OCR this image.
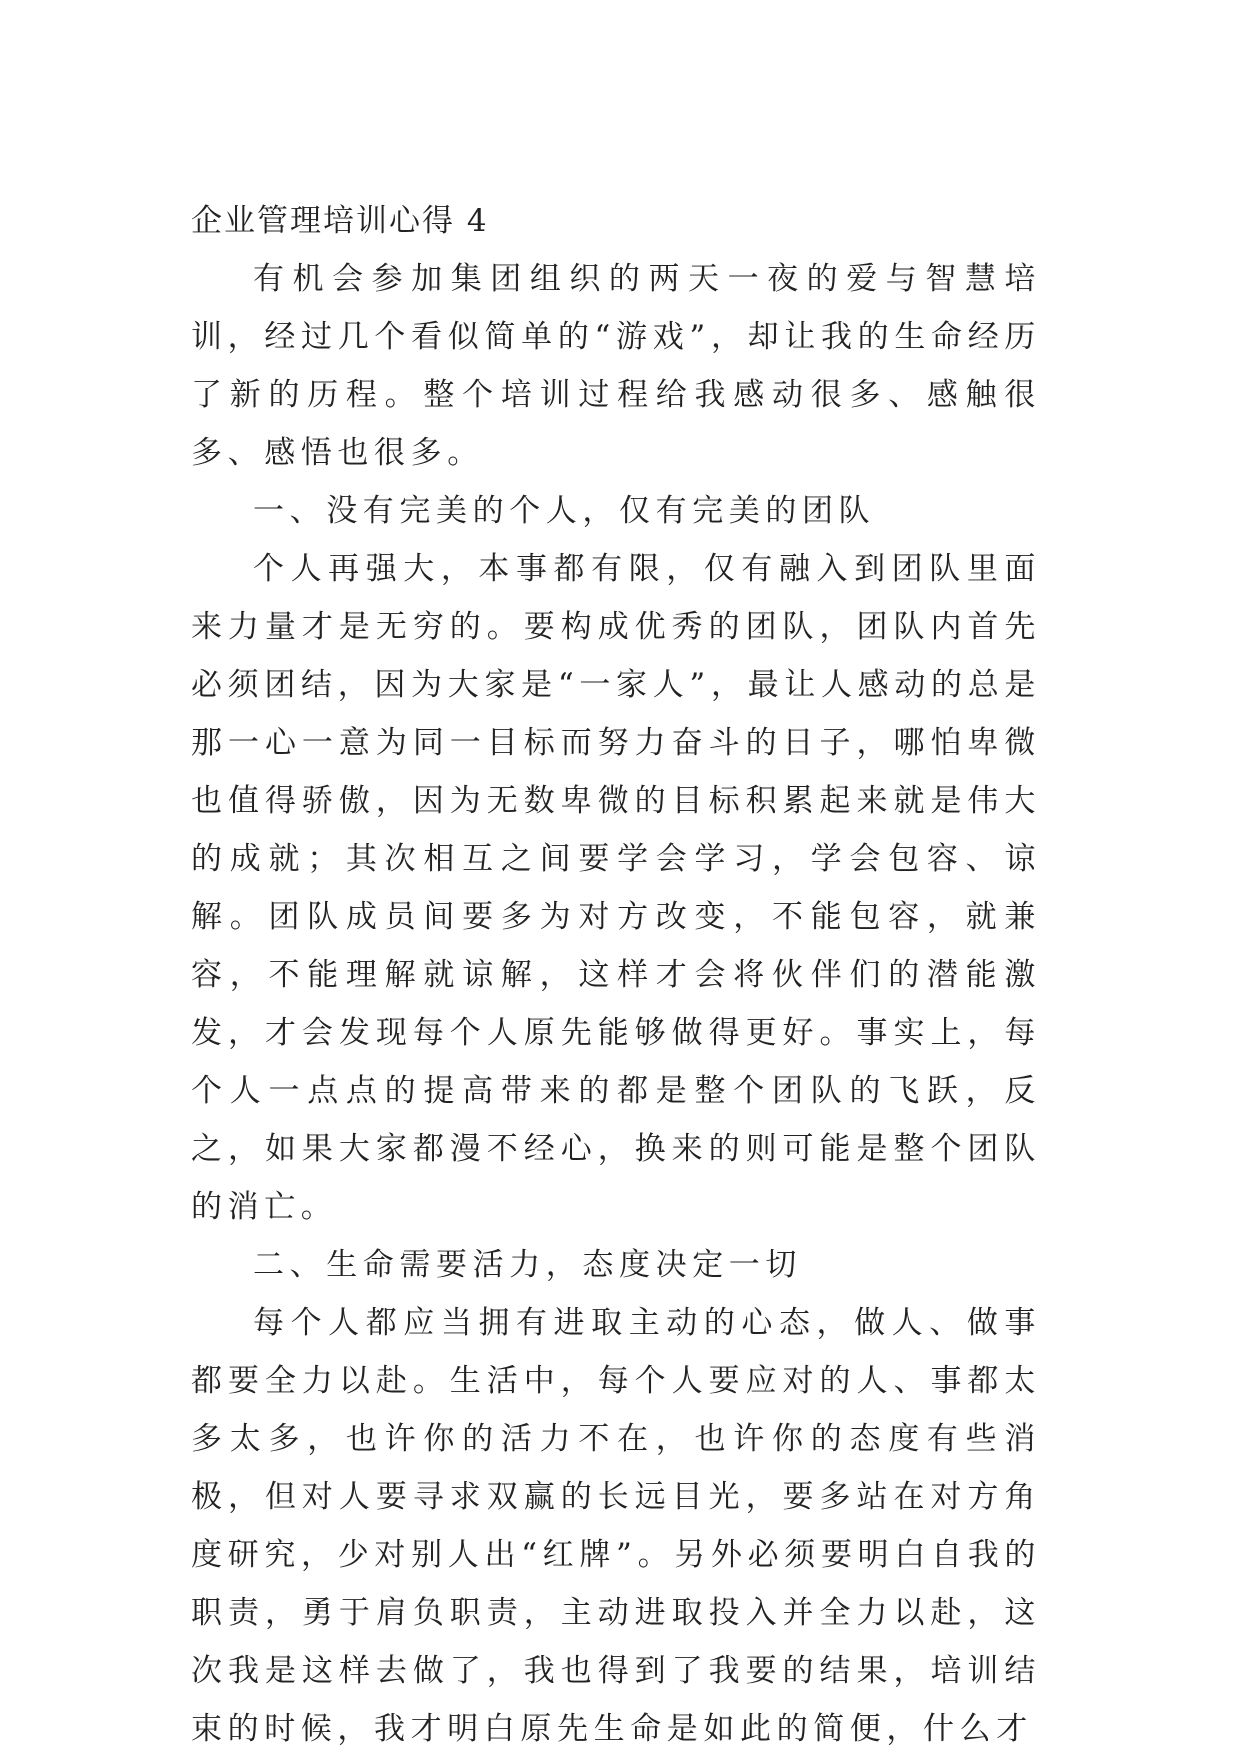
企业管理培训心得 4

有机会参加集团组织的两天一夜的爱与智慧培训，经过几个看似简单的“游戏”，却让我的生命经历了新的历程。整个培训过程给我感动很多、感触很多、感悟也很多。

一、没有完美的个人，仅有完美的团队

个人再强大，本事都有限，仅有融入到团队里面来力量才是无穷的。要构成优秀的团队，团队内首先必须团结，因为大家是“一家人”，最让人感动的总是那一心一意为同一目标而努力奋斗的日子，哪怕卑微也值得骄傲，因为无数卑微的目标积累起来就是伟大的成就；其次相互之间要学会学习，学会包容、谅解。团队成员间要多为对方改变，不能包容，就兼容，不能理解就谅解，这样才会将伙伴们的潜能激发，才会发现每个人原先能够做得更好。事实上，每个人一点点的提高带来的都是整个团队的飞跃，反之，如果大家都漫不经心，换来的则可能是整个团队的消亡。

二、生命需要活力，态度决定一切

每个人都应当拥有进取主动的心态，做人、做事都要全力以赴。生活中，每个人要应对的人、事都太多太多，也许你的活力不在，也许你的态度有些消极，但对人要寻求双赢的长远目光，要多站在对方角度研究，少对别人出“红牌”。另外必须要明白自我的职责，勇于肩负职责，主动进取投入并全力以赴，这次我是这样去做了，我也得到了我要的结果，培训结束的时候，我才明白原先生命是如此的简便，什么才
